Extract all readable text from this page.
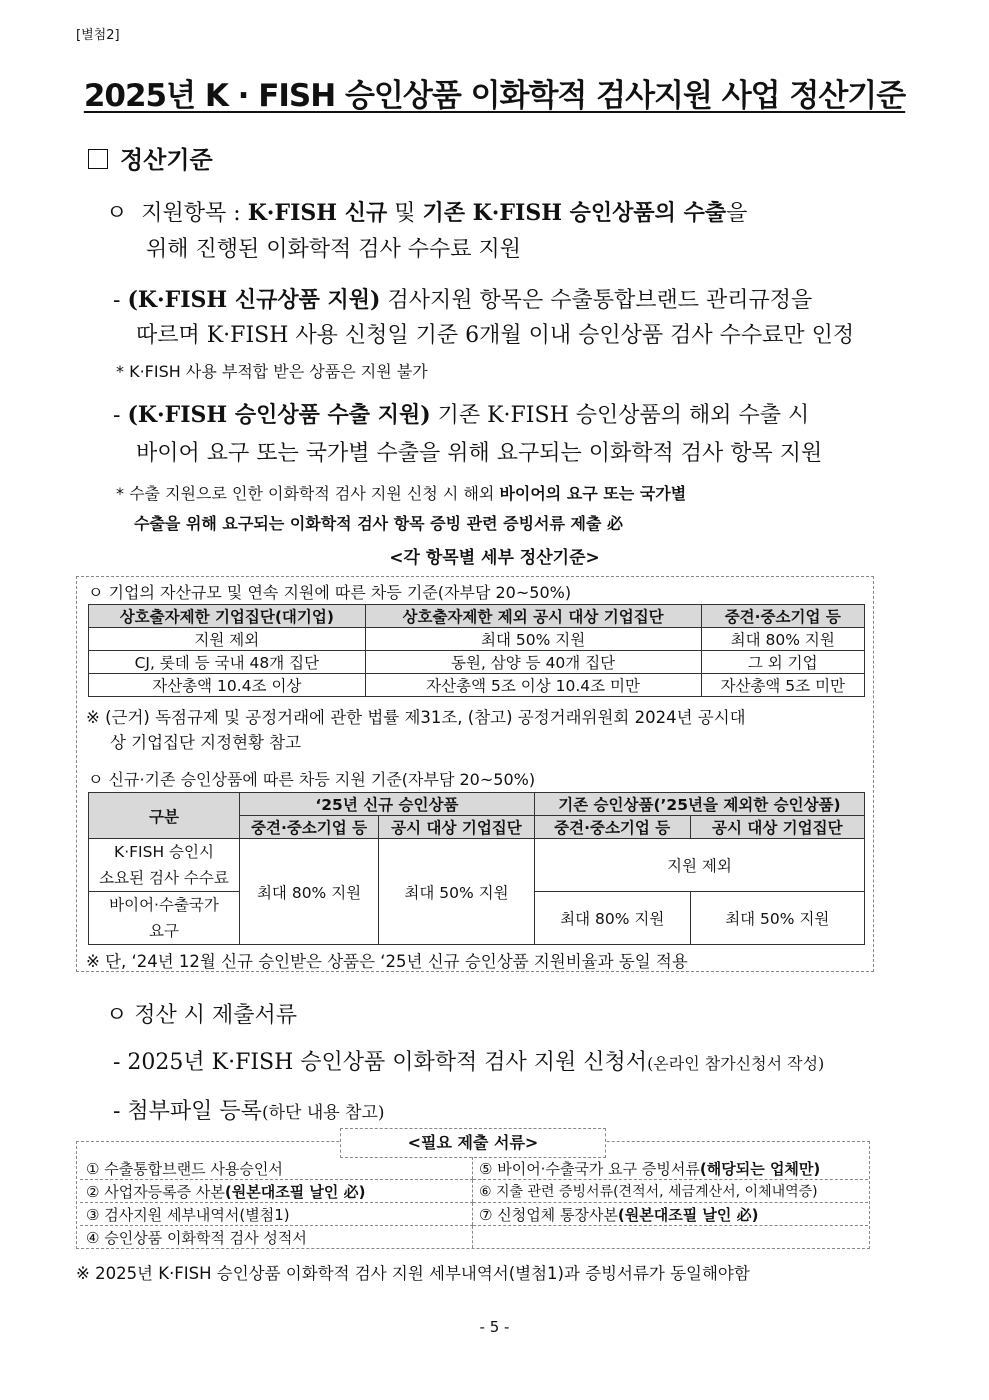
[별첨2]
2025년 K · FISH 승인상품 이화학적 검사지원 사업 정산기준
정산기준
ㅇ 지원항목 : K·FISH 신규 및 기존 K·FISH 승인상품의 수출을
위해 진행된 이화학적 검사 수수료 지원
- (K·FISH 신규상품 지원) 검사지원 항목은 수출통합브랜드 관리규정을
따르며 K·FISH 사용 신청일 기준 6개월 이내 승인상품 검사 수수료만 인정
* K·FISH 사용 부적합 받은 상품은 지원 불가
- (K·FISH 승인상품 수출 지원) 기존 K·FISH 승인상품의 해외 수출 시
바이어 요구 또는 국가별 수출을 위해 요구되는 이화학적 검사 항목 지원
* 수출 지원으로 인한 이화학적 검사 지원 신청 시 해외 바이어의 요구 또는 국가별
수출을 위해 요구되는 이화학적 검사 항목 증빙 관련 증빙서류 제출 必
<각 항목별 세부 정산기준>
ㅇ 기업의 자산규모 및 연속 지원에 따른 차등 기준(자부담 20~50%)
상호출자제한 기업집단(대기업)	상호출자제한 제외 공시 대상 기업집단	중견·중소기업 등
지원 제외	최대 50% 지원	최대 80% 지원
CJ, 롯데 등 국내 48개 집단	동원, 삼양 등 40개 집단	그 외 기업
자산총액 10.4조 이상	자산총액 5조 이상 10.4조 미만	자산총액 5조 미만
※ (근거) 독점규제 및 공정거래에 관한 법률 제31조, (참고) 공정거래위원회 2024년 공시대
상 기업집단 지정현황 참고
ㅇ 신규·기존 승인상품에 따른 차등 지원 기준(자부담 20~50%)
구분	‘25년 신규 승인상품		기존 승인상품(’25년을 제외한 승인상품)	
	중견·중소기업 등	공시 대상 기업집단	중견·중소기업 등	공시 대상 기업집단
K·FISH 승인시
소요된 검사 수수료	최대 80% 지원	최대 50% 지원	지원 제외	
바이어·수출국가
요구			최대 80% 지원	최대 50% 지원
※ 단, ‘24년 12월 신규 승인받은 상품은 ‘25년 신규 승인상품 지원비율과 동일 적용
ㅇ 정산 시 제출서류
- 2025년 K·FISH 승인상품 이화학적 검사 지원 신청서(온라인 참가신청서 작성)
- 첨부파일 등록(하단 내용 참고)
<필요 제출 서류>
① 수출통합브랜드 사용승인서	⑤ 바이어·수출국가 요구 증빙서류(해당되는 업체만)
② 사업자등록증 사본(원본대조필 날인 必)	⑥ 지출 관련 증빙서류(견적서, 세금계산서, 이체내역증)
③ 검사지원 세부내역서(별첨1)	⑦ 신청업체 통장사본(원본대조필 날인 必)
④ 승인상품 이화학적 검사 성적서	
※ 2025년 K·FISH 승인상품 이화학적 검사 지원 세부내역서(별첨1)과 증빙서류가 동일해야함
- 5 -
